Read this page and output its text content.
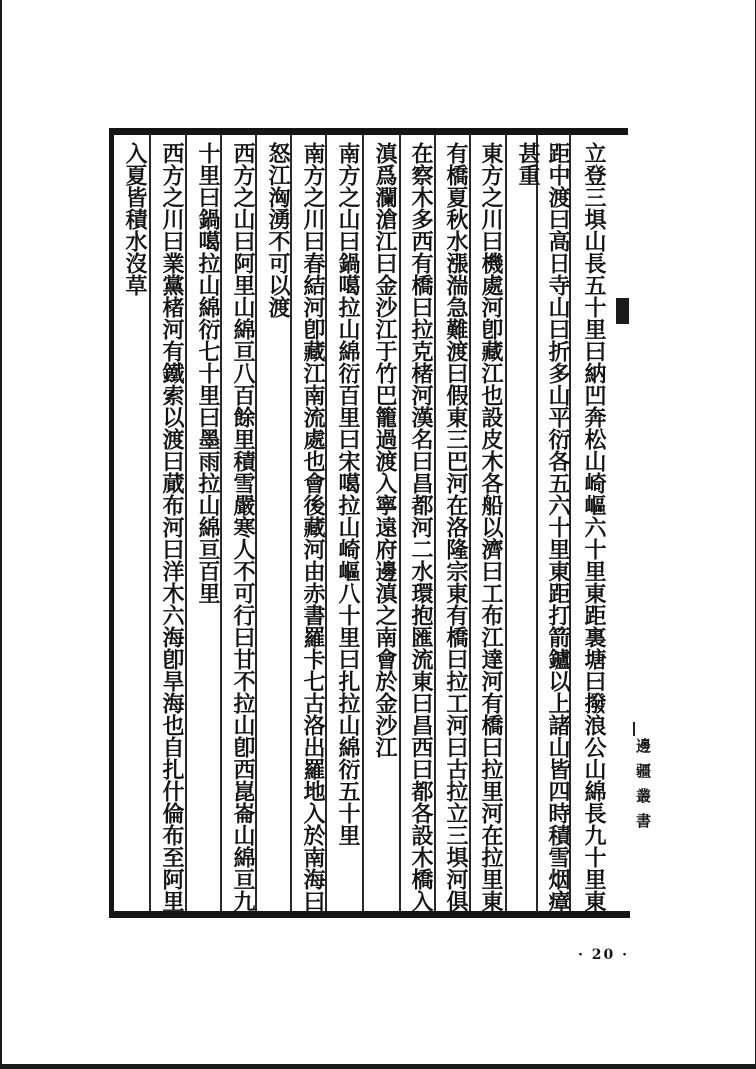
立登三埧山長五十里曰納凹奔松山崎嶇六十里東距裏塘曰撥浪公山綿長九十里東
距中渡曰高日寺山曰折多山平衍各五六十里東距打箭鑪以上諸山皆四時積雪烟瘴
甚重
東方之川曰機處河卽藏江也設皮木各船以濟曰工布江達河有橋曰拉里河在拉里東
有橋夏秋水漲湍急難渡曰假東三巴河在洛隆宗東有橋曰拉工河曰古拉立三埧河俱
在察木多西有橋曰拉克楮河漢名曰昌都河二水環抱匯流東曰昌西曰都各設木橋入
滇爲瀾滄江曰金沙江于竹巴籠過渡入寧遠府邊滇之南會於金沙江
南方之山曰鍋噶拉山綿衍百里曰宋噶拉山崎嶇八十里曰扎拉山綿衍五十里
南方之川曰春結河卽藏江南流處也會後藏河由赤書羅卡七古洛出羅地入於南海曰
怒江洶湧不可以渡
西方之山曰阿里山綿亘八百餘里積雪嚴寒人不可行曰甘不拉山卽西崑崙山綿亘九
十里曰鍋噶拉山綿衍七十里曰墨雨拉山綿亘百里
西方之川曰業黨楮河有鐵索以渡曰蕆布河曰洋木六海卽旱海也自扎什倫布至阿里
入夏皆積水沒草
邊疆叢書
· 20 ·
